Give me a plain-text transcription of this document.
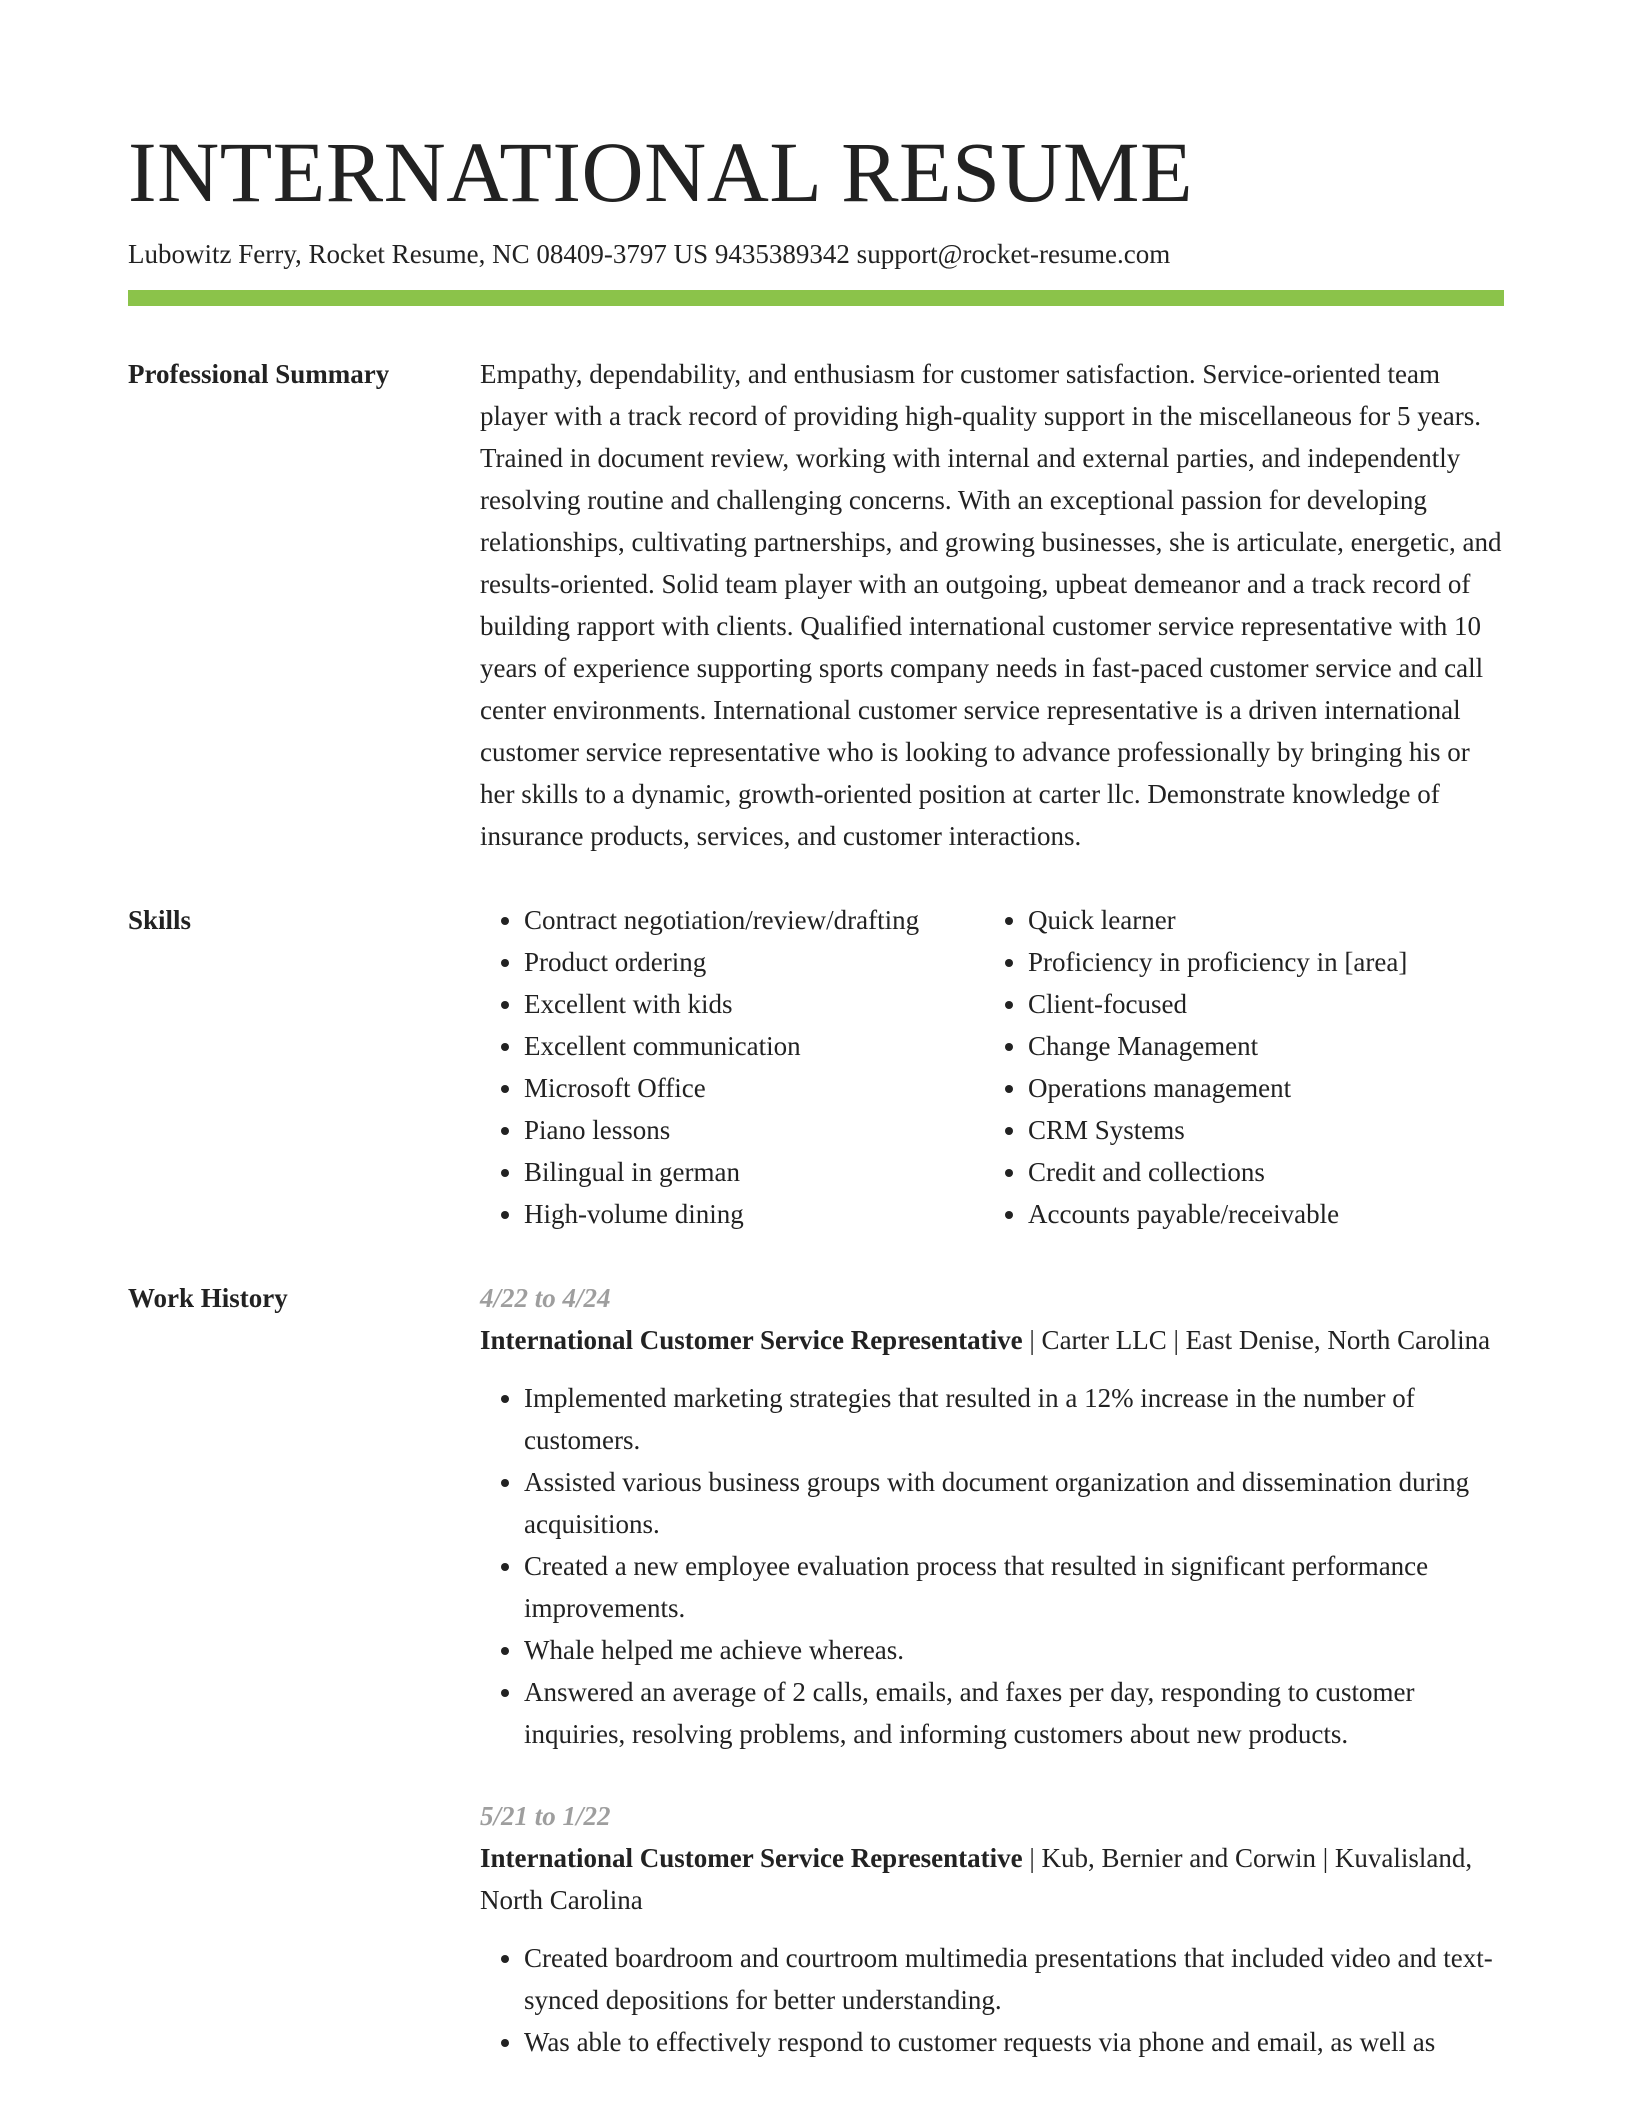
INTERNATIONAL RESUME
Lubowitz Ferry, Rocket Resume, NC 08409-3797 US 9435389342 support@rocket-resume.com
Professional Summary	Empathy, dependability, and enthusiasm for customer satisfaction. Service-oriented team player with a track record of providing high-quality support in the miscellaneous for 5 years. Trained in document review, working with internal and external parties, and independently resolving routine and challenging concerns. With an exceptional passion for developing relationships, cultivating partnerships, and growing businesses, she is articulate, energetic, and results-oriented. Solid team player with an outgoing, upbeat demeanor and a track record of building rapport with clients. Qualified international customer service representative with 10 years of experience supporting sports company needs in fast-paced customer service and call center environments. International customer service representative is a driven international customer service representative who is looking to advance professionally by bringing his or her skills to a dynamic, growth-oriented position at carter llc. Demonstrate knowledge of insurance products, services, and customer interactions.

Skills
•	Contract negotiation/review/drafting
• Product ordering
• Excellent with kids
• Excellent communication
• Microsoft Office
• Piano lessons
• Bilingual in german
• High-volume dining
• Quick learner
• Proficiency in proficiency in [area]
• Client-focused
• Change Management
• Operations management
• CRM Systems
• Credit and collections
• Accounts payable/receivable
Work History	4/22 to 4/24

International Customer Service Representative | Carter LLC | East Denise, North Carolina

• Implemented marketing strategies that resulted in a 12% increase in the number of customers.
• Assisted various business groups with document organization and dissemination during acquisitions.
• Created a new employee evaluation process that resulted in significant performance improvements.
• Whale helped me achieve whereas.
• Answered an average of 2 calls, emails, and faxes per day, responding to customer inquiries, resolving problems, and informing customers about new products.
5/21 to 1/22

International Customer Service Representative | Kub, Bernier and Corwin | Kuvalisland, North Carolina

• Created boardroom and courtroom multimedia presentations that included video and text-synced depositions for better understanding.
• Was able to effectively respond to customer requests via phone and email, as well as
